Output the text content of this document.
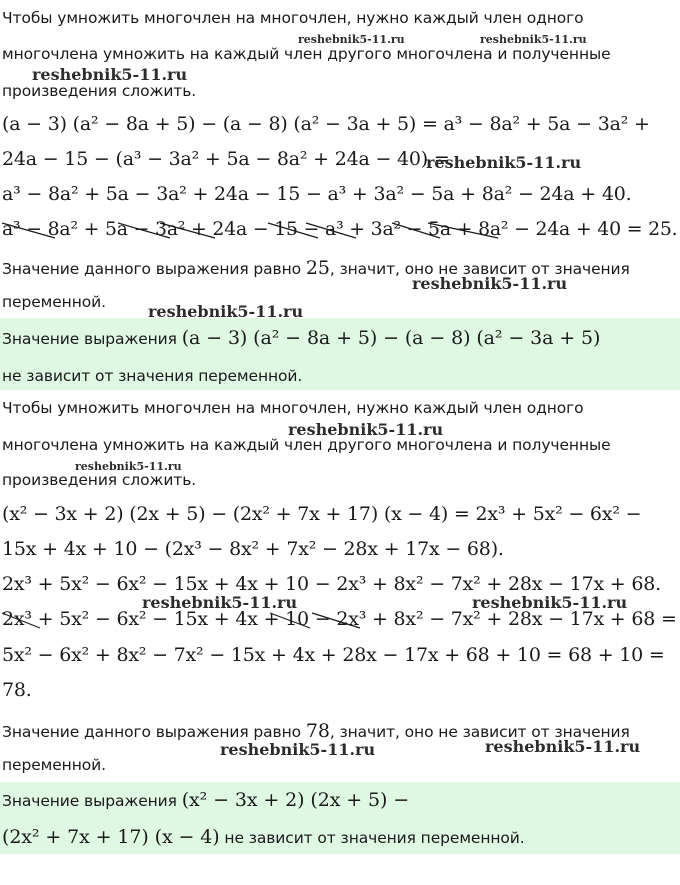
Чтобы умножить многочлен на многочлен, нужно каждый член одного
многочлена умножить на каждый член другого многочлена и полученные
произведения сложить.
(a − 3) (a² − 8a + 5) − (a − 8) (a² − 3a + 5) = a³ − 8a² + 5a − 3a² +
24a − 15 − (a³ − 3a² + 5a − 8a² + 24a − 40) =
a³ − 8a² + 5a − 3a² + 24a − 15 − a³ + 3a² − 5a + 8a² − 24a + 40.
a³ − 8a² + 5a − 3a² + 24a − 15 − a³ + 3a² − 5a + 8a² − 24a + 40 = 25.
Значение данного выражения равно 25, значит, оно не зависит от значения
переменной.
Значение выражения (a − 3) (a² − 8a + 5) − (a − 8) (a² − 3a + 5)
не зависит от значения переменной.
Чтобы умножить многочлен на многочлен, нужно каждый член одного
многочлена умножить на каждый член другого многочлена и полученные
произведения сложить.
(x² − 3x + 2) (2x + 5) − (2x² + 7x + 17) (x − 4) = 2x³ + 5x² − 6x² −
15x + 4x + 10 − (2x³ − 8x² + 7x² − 28x + 17x − 68).
2x³ + 5x² − 6x² − 15x + 4x + 10 − 2x³ + 8x² − 7x² + 28x − 17x + 68.
2x³ + 5x² − 6x² − 15x + 4x + 10 − 2x³ + 8x² − 7x² + 28x − 17x + 68 =
5x² − 6x² + 8x² − 7x² − 15x + 4x + 28x − 17x + 68 + 10 = 68 + 10 =
78.
Значение данного выражения равно 78, значит, оно не зависит от значения
переменной.
Значение выражения (x² − 3x + 2) (2x + 5) −
(2x² + 7x + 17) (x − 4) не зависит от значения переменной.
reshebnik5-11.ru	reshebnik5-11.ru
reshebnik5-11.ru
reshebnik5-11.ru
reshebnik5-11.ru
reshebnik5-11.ru
reshebnik5-11.ru
reshebnik5-11.ru
reshebnik5-11.ru	reshebnik5-11.ru
reshebnik5-11.ru	reshebnik5-11.ru
